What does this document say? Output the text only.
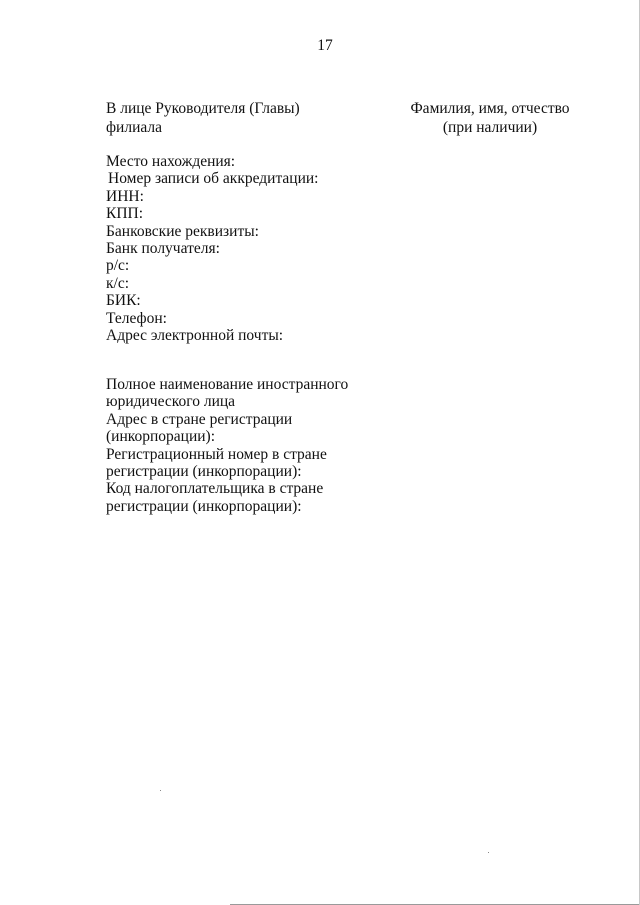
17
В лице Руководителя (Главы)
филиала
Фамилия, имя, отчество
(при наличии)
Место нахождения:
Номер записи об аккредитации:
ИНН:
КПП:
Банковские реквизиты:
Банк получателя:
р/с:
к/с:
БИК:
Телефон:
Адрес электронной почты:
Полное наименование иностранного
юридического лица
Адрес в стране регистрации
(инкорпорации):
Регистрационный номер в стране
регистрации (инкорпорации):
Код налогоплательщика в стране
регистрации (инкорпорации):
